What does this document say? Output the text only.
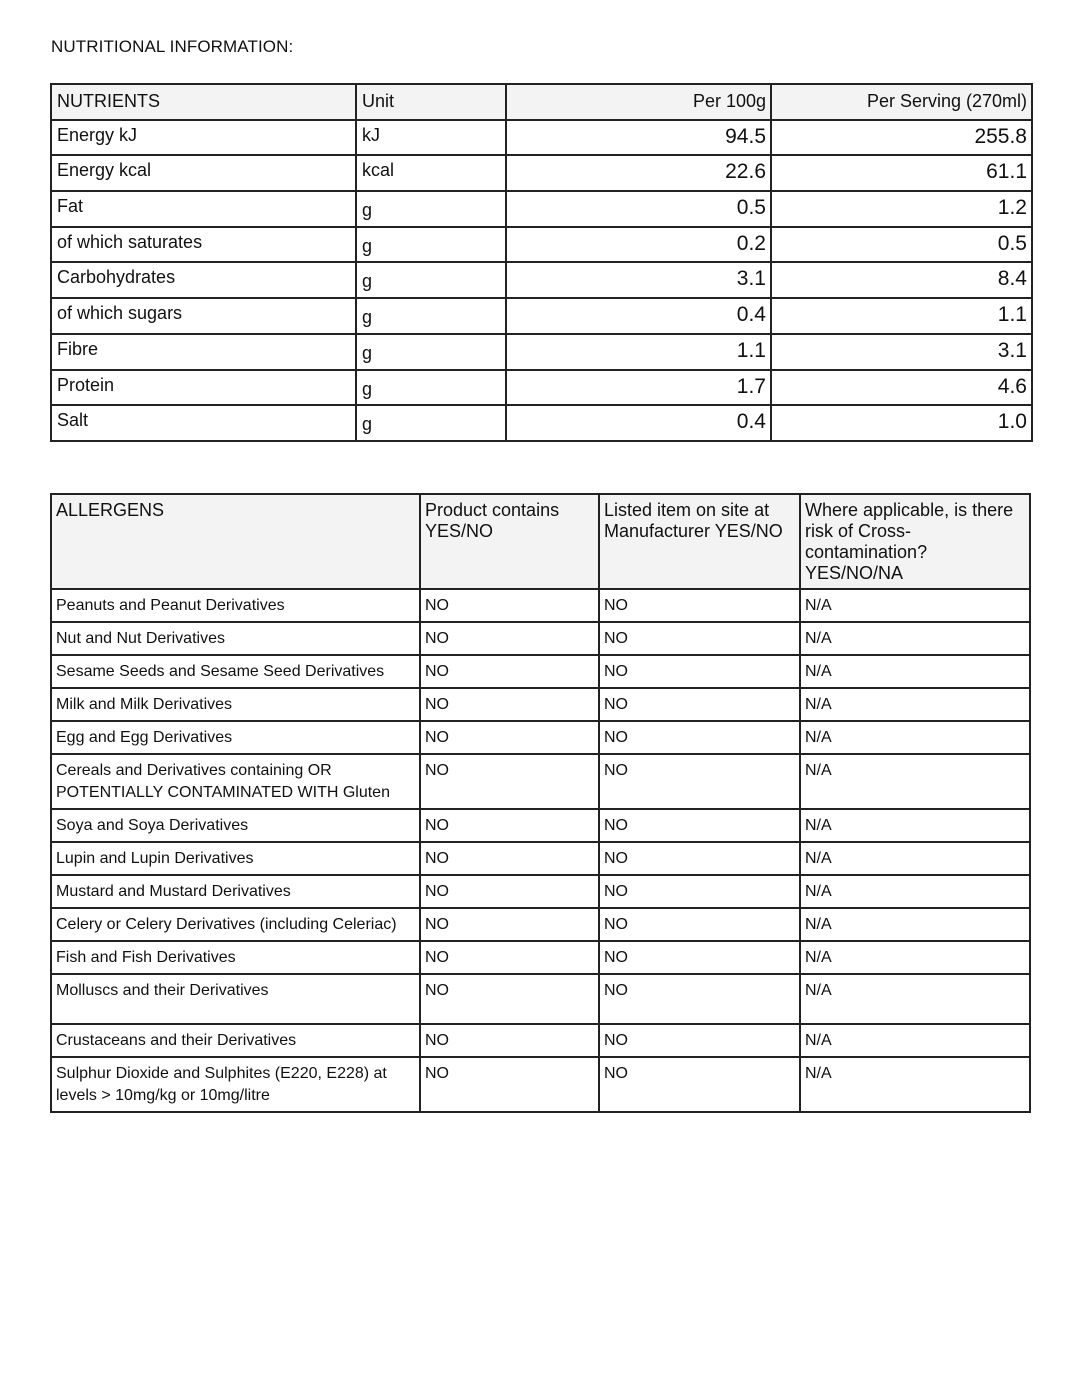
NUTRITIONAL INFORMATION:
NUTRIENTS	Unit	Per 100g	Per Serving (270ml)
Energy kJ	kJ	94.5	255.8
Energy kcal	kcal	22.6	61.1
Fat	g	0.5	1.2
of which saturates	g	0.2	0.5
Carbohydrates	g	3.1	8.4
of which sugars	g	0.4	1.1
Fibre	g	1.1	3.1
Protein	g	1.7	4.6
Salt	g	0.4	1.0
ALLERGENS	Product contains YES/NO	Listed item on site at Manufacturer YES/NO	Where applicable, is there risk of Cross-contamination? YES/NO/NA
Peanuts and Peanut Derivatives	NO	NO	N/A
Nut and Nut Derivatives	NO	NO	N/A
Sesame Seeds and Sesame Seed Derivatives	NO	NO	N/A
Milk and Milk Derivatives	NO	NO	N/A
Egg and Egg Derivatives	NO	NO	N/A
Cereals and Derivatives containing OR POTENTIALLY CONTAMINATED WITH Gluten	NO	NO	N/A
Soya and Soya Derivatives	NO	NO	N/A
Lupin and Lupin Derivatives	NO	NO	N/A
Mustard and Mustard Derivatives	NO	NO	N/A
Celery or Celery Derivatives (including Celeriac)	NO	NO	N/A
Fish and Fish Derivatives	NO	NO	N/A
Molluscs and their Derivatives	NO	NO	N/A
Crustaceans and their Derivatives	NO	NO	N/A
Sulphur Dioxide and Sulphites (E220, E228) at levels > 10mg/kg or 10mg/litre	NO	NO	N/A
